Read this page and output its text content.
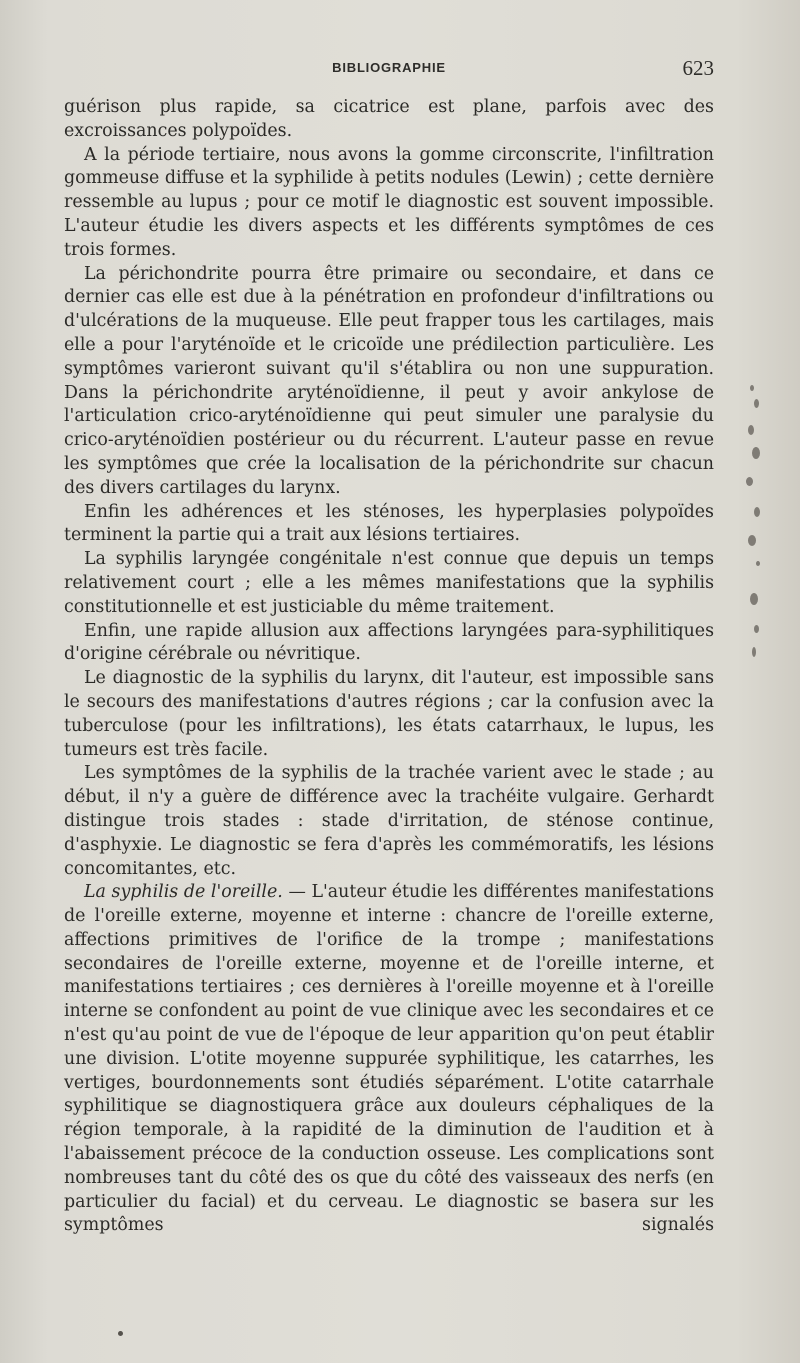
BIBLIOGRAPHIE	623

guérison plus rapide, sa cicatrice est plane, parfois avec des excroissances polypoïdes.

A la période tertiaire, nous avons la gomme circonscrite, l'infiltration gommeuse diffuse et la syphilide à petits nodules (Lewin) ; cette dernière ressemble au lupus ; pour ce motif le diagnostic est souvent impossible. L'auteur étudie les divers aspects et les différents symptômes de ces trois formes.

La périchondrite pourra être primaire ou secondaire, et dans ce dernier cas elle est due à la pénétration en profondeur d'infiltrations ou d'ulcérations de la muqueuse. Elle peut frapper tous les cartilages, mais elle a pour l'aryténoïde et le cricoïde une prédilection particulière. Les symptômes varieront suivant qu'il s'établira ou non une suppuration. Dans la périchondrite aryténoïdienne, il peut y avoir ankylose de l'articulation crico-aryténoïdienne qui peut simuler une paralysie du crico-aryténoïdien postérieur ou du récurrent. L'auteur passe en revue les symptômes que crée la localisation de la périchondrite sur chacun des divers cartilages du larynx.

Enfin les adhérences et les sténoses, les hyperplasies polypoïdes terminent la partie qui a trait aux lésions tertiaires.

La syphilis laryngée congénitale n'est connue que depuis un temps relativement court ; elle a les mêmes manifestations que la syphilis constitutionnelle et est justiciable du même traitement.

Enfin, une rapide allusion aux affections laryngées para-syphilitiques d'origine cérébrale ou névritique.

Le diagnostic de la syphilis du larynx, dit l'auteur, est impossible sans le secours des manifestations d'autres régions ; car la confusion avec la tuberculose (pour les infiltrations), les états catarrhaux, le lupus, les tumeurs est très facile.

Les symptômes de la syphilis de la trachée varient avec le stade ; au début, il n'y a guère de différence avec la trachéite vulgaire. Gerhardt distingue trois stades : stade d'irritation, de sténose continue, d'asphyxie. Le diagnostic se fera d'après les commémoratifs, les lésions concomitantes, etc.

La syphilis de l'oreille. — L'auteur étudie les différentes manifestations de l'oreille externe, moyenne et interne : chancre de l'oreille externe, affections primitives de l'orifice de la trompe ; manifestations secondaires de l'oreille externe, moyenne et de l'oreille interne, et manifestations tertiaires ; ces dernières à l'oreille moyenne et à l'oreille interne se confondent au point de vue clinique avec les secondaires et ce n'est qu'au point de vue de l'époque de leur apparition qu'on peut établir une division. L'otite moyenne suppurée syphilitique, les catarrhes, les vertiges, bourdonnements sont étudiés séparément. L'otite catarrhale syphilitique se diagnostiquera grâce aux douleurs céphaliques de la région temporale, à la rapidité de la diminution de l'audition et à l'abaissement précoce de la conduction osseuse. Les complications sont nombreuses tant du côté des os que du côté des vaisseaux des nerfs (en particulier du facial) et du cerveau. Le diagnostic se basera sur les symptômes signalés
